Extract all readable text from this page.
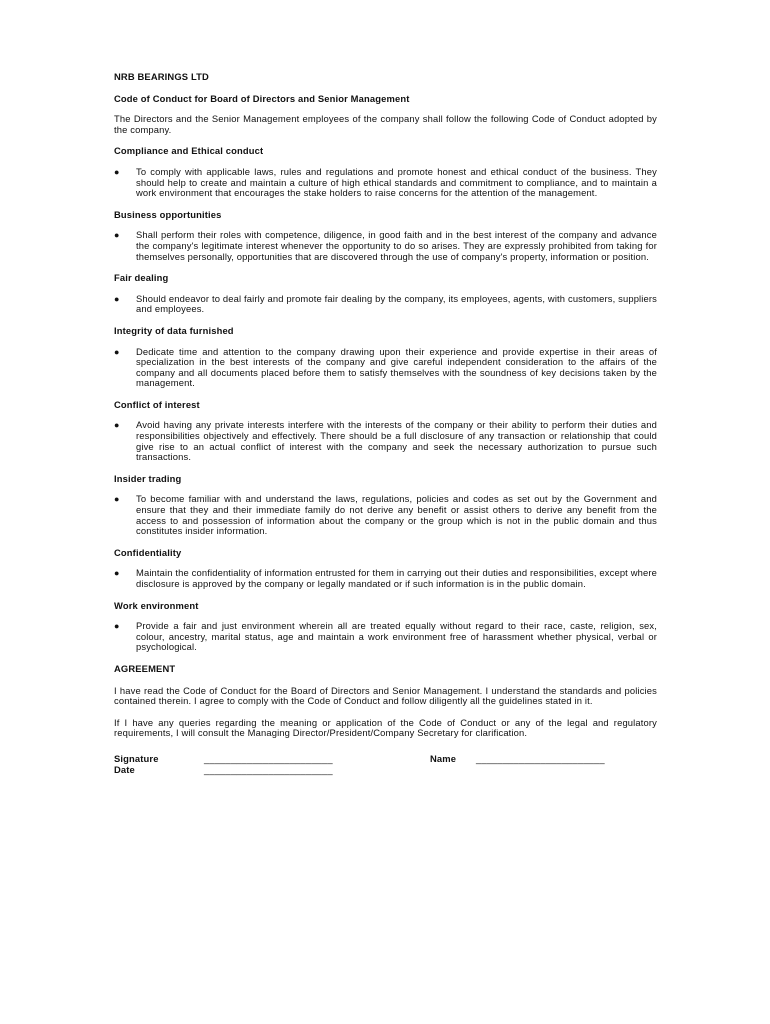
NRB BEARINGS LTD

Code of Conduct for Board of Directors and Senior Management

The Directors and the Senior Management employees of the company shall follow the following Code of Conduct adopted by the company.

Compliance and Ethical conduct

● To comply with applicable laws, rules and regulations and promote honest and ethical conduct of the business. They should help to create and maintain a culture of high ethical standards and commitment to compliance, and to maintain a work environment that encourages the stake holders to raise concerns for the attention of the management.

Business opportunities

● Shall perform their roles with competence, diligence, in good faith and in the best interest of the company and advance the company's legitimate interest whenever the opportunity to do so arises. They are expressly prohibited from taking for themselves personally, opportunities that are discovered through the use of company's property, information or position.

Fair dealing

● Should endeavor to deal fairly and promote fair dealing by the company, its employees, agents, with customers, suppliers and employees.

Integrity of data furnished

● Dedicate time and attention to the company drawing upon their experience and provide expertise in their areas of specialization in the best interests of the company and give careful independent consideration to the affairs of the company and all documents placed before them to satisfy themselves with the soundness of key decisions taken by the management.

Conflict of interest

● Avoid having any private interests interfere with the interests of the company or their ability to perform their duties and responsibilities objectively and effectively. There should be a full disclosure of any transaction or relationship that could give rise to an actual conflict of interest with the company and seek the necessary authorization to pursue such transactions.

Insider trading

● To become familiar with and understand the laws, regulations, policies and codes as set out by the Government and ensure that they and their immediate family do not derive any benefit or assist others to derive any benefit from the access to and possession of information about the company or the group which is not in the public domain and thus constitutes insider information.

Confidentiality

● Maintain the confidentiality of information entrusted for them in carrying out their duties and responsibilities, except where disclosure is approved by the company or legally mandated or if such information is in the public domain.

Work environment

● Provide a fair and just environment wherein all are treated equally without regard to their race, caste, religion, sex, colour, ancestry, marital status, age and maintain a work environment free of harassment whether physical, verbal or psychological.

AGREEMENT

I have read the Code of Conduct for the Board of Directors and Senior Management. I understand the standards and policies contained therein. I agree to comply with the Code of Conduct and follow diligently all the guidelines stated in it.

If I have any queries regarding the meaning or application of the Code of Conduct or any of the legal and regulatory requirements, I will consult the Managing Director/President/Company Secretary for clarification.

Signature	________________________	Name ________________________
Date	________________________
